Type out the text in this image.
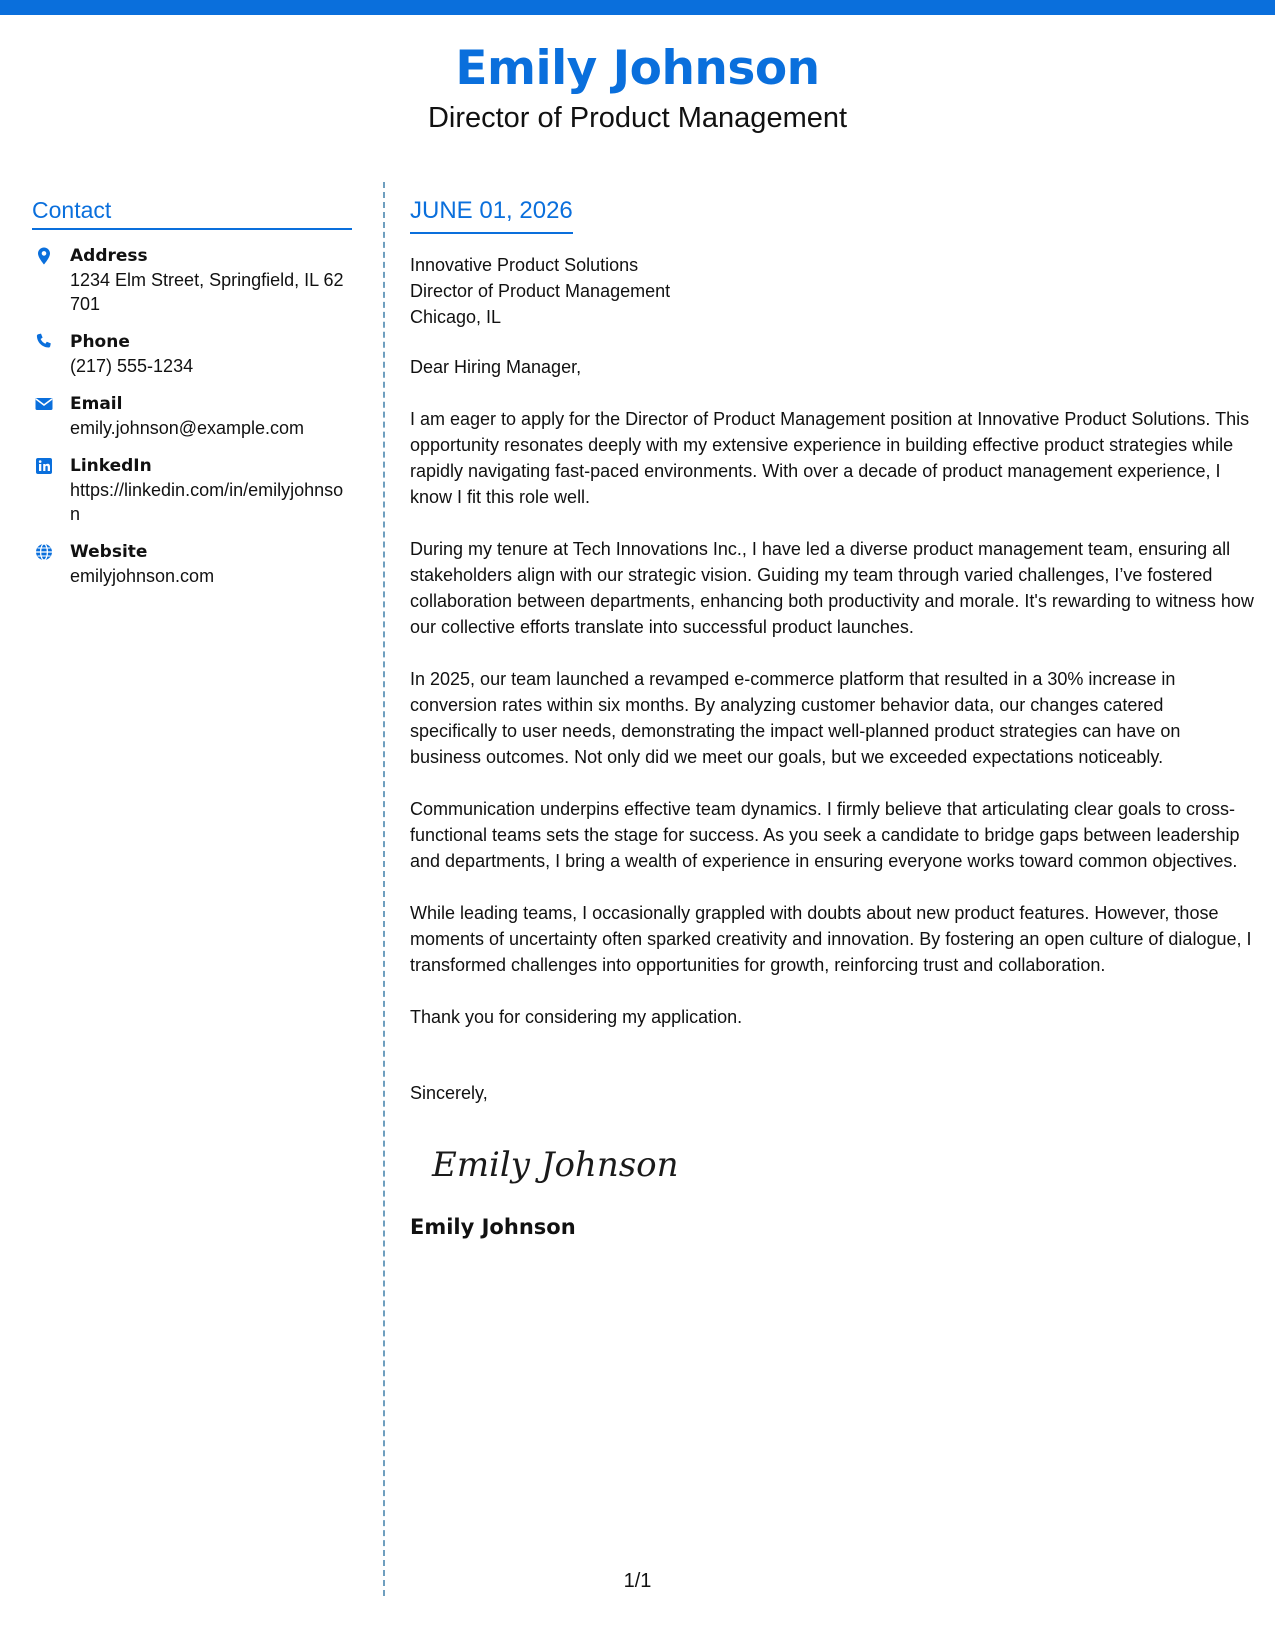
Emily Johnson
Director of Product Management
Contact
Address
1234 Elm Street, Springfield, IL 62701
Phone
(217) 555-1234
Email
emily.johnson@example.com
LinkedIn
https://linkedin.com/in/emilyjohnson
Website
emilyjohnson.com
JUNE 01, 2026
Innovative Product Solutions
Director of Product Management
Chicago, IL

Dear Hiring Manager,

I am eager to apply for the Director of Product Management position at Innovative Product Solutions. This opportunity resonates deeply with my extensive experience in building effective product strategies while rapidly navigating fast-paced environments. With over a decade of product management experience, I know I fit this role well.

During my tenure at Tech Innovations Inc., I have led a diverse product management team, ensuring all stakeholders align with our strategic vision. Guiding my team through varied challenges, I’ve fostered collaboration between departments, enhancing both productivity and morale. It's rewarding to witness how our collective efforts translate into successful product launches.

In 2025, our team launched a revamped e-commerce platform that resulted in a 30% increase in conversion rates within six months. By analyzing customer behavior data, our changes catered specifically to user needs, demonstrating the impact well-planned product strategies can have on business outcomes. Not only did we meet our goals, but we exceeded expectations noticeably.

Communication underpins effective team dynamics. I firmly believe that articulating clear goals to cross-functional teams sets the stage for success. As you seek a candidate to bridge gaps between leadership and departments, I bring a wealth of experience in ensuring everyone works toward common objectives.

While leading teams, I occasionally grappled with doubts about new product features. However, those moments of uncertainty often sparked creativity and innovation. By fostering an open culture of dialogue, I transformed challenges into opportunities for growth, reinforcing trust and collaboration.

Thank you for considering my application.

Sincerely,

Emily Johnson
Emily Johnson
1/1
